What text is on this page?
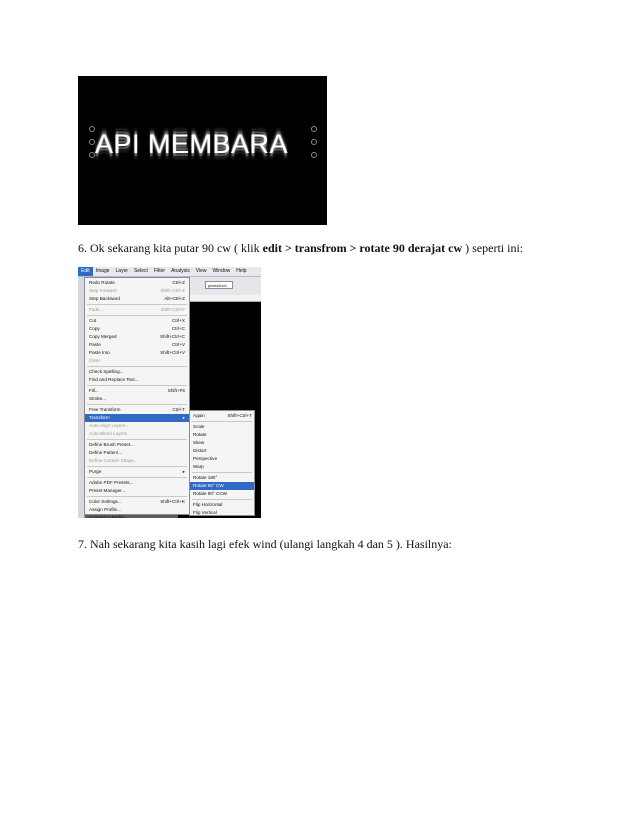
API MEMBARA
6. Ok sekarang kita putar 90 cw ( klik edit > transfrom > rotate 90 derajat cw ) seperti ini:
Edit	Image	Layer	Select	Filter	Analysis	View	Window	Help
pixels/inch
Redo Rotate	Ctrl+Z
Step Forward	Shift+Ctrl+Z
Step Backward	Alt+Ctrl+Z
Fade...	Shift+Ctrl+F
Cut	Ctrl+X
Copy	Ctrl+C
Copy Merged	Shift+Ctrl+C
Paste	Ctrl+V
Paste Into	Shift+Ctrl+V
Clear
Check Spelling...
Find and Replace Text...
Fill...	Shift+F5
Stroke...
Free Transform	Ctrl+T
Transform	▸
Auto-Align Layers...
Auto-Blend Layers
Define Brush Preset...
Define Pattern...
Define Custom Shape...
Purge	▸
Adobe PDF Presets...
Preset Manager...
Color Settings...	Shift+Ctrl+K
Assign Profile...
Convert to Profile...
Again	Shift+Ctrl+T
Scale
Rotate
Skew
Distort
Perspective
Warp
Rotate 180°
Rotate 90° CW
Rotate 90° CCW
Flip Horizontal
Flip Vertical
7. Nah sekarang kita kasih lagi efek wind (ulangi langkah 4 dan 5 ). Hasilnya:
